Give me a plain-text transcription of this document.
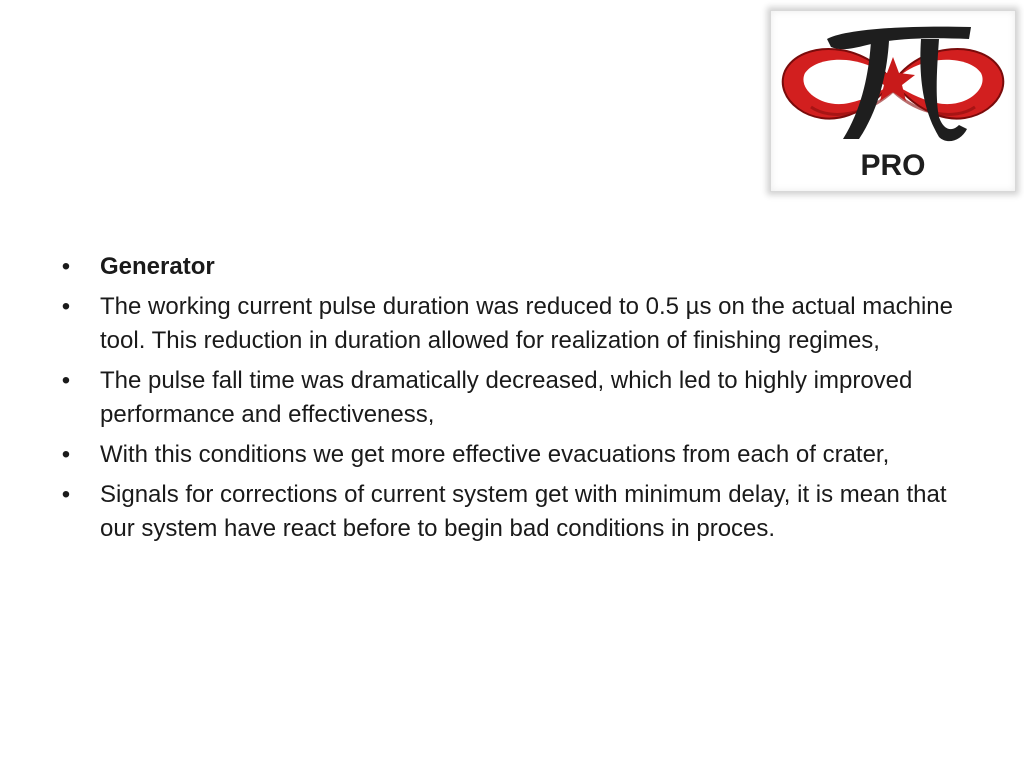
PRO
• Generator
• The working current pulse duration was reduced to 0.5 µs on the actual machine tool. This reduction in duration allowed for realization of finishing regimes,
• The pulse fall time was dramatically decreased, which led to highly improved performance and effectiveness,
• With this conditions we get more effective evacuations from each of crater,
• Signals for corrections of current system get with minimum delay, it is mean that our system have react before to begin bad conditions in proces.
